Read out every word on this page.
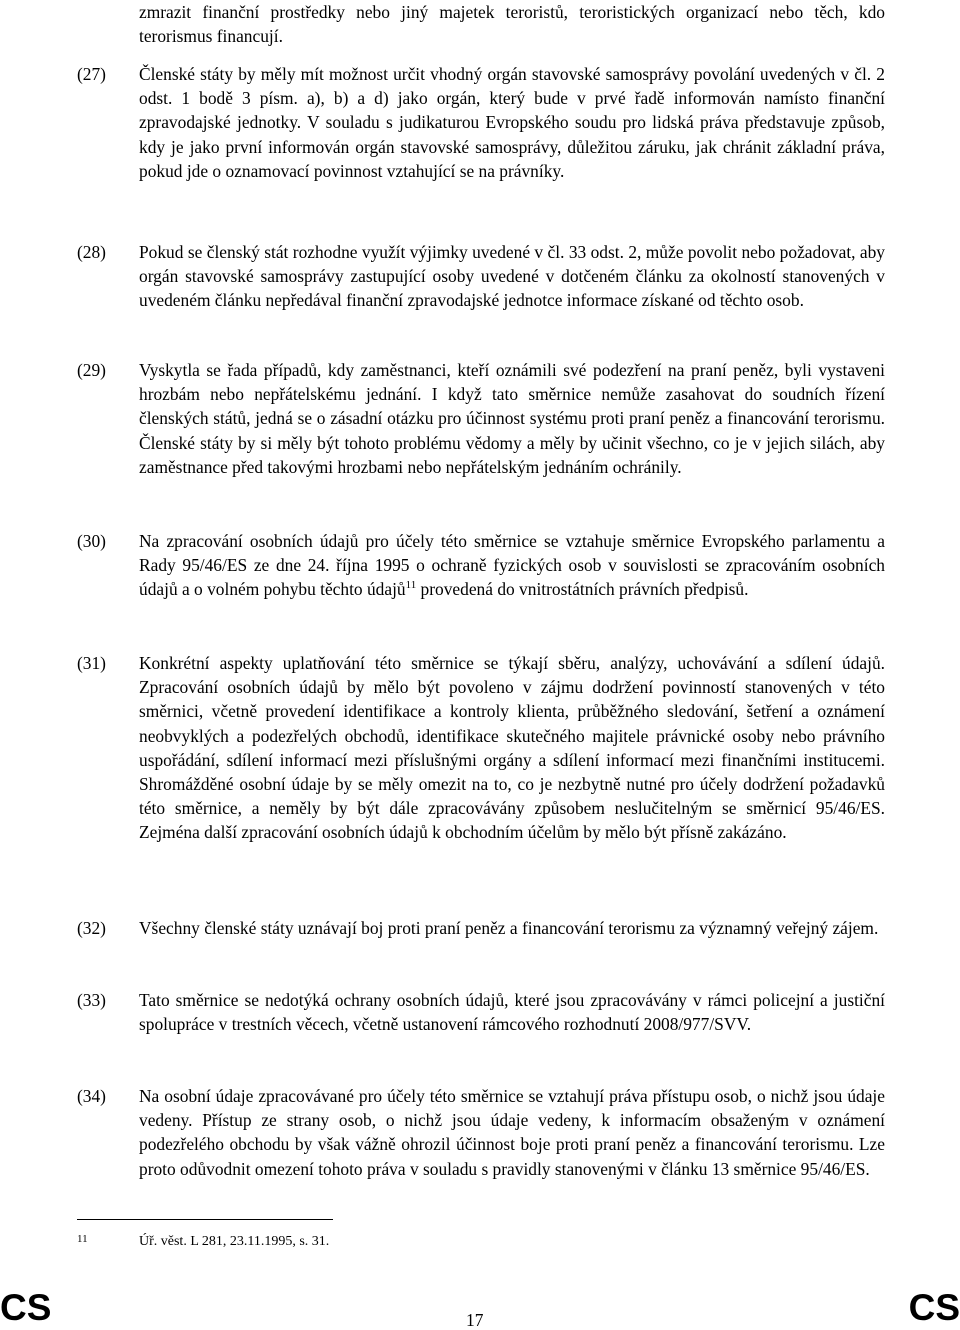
zmrazit finanční prostředky nebo jiný majetek teroristů, teroristických organizací nebo těch, kdo terorismus financují.
(27) Členské státy by měly mít možnost určit vhodný orgán stavovské samosprávy povolání uvedených v čl. 2 odst. 1 bodě 3 písm. a), b) a d) jako orgán, který bude v prvé řadě informován namísto finanční zpravodajské jednotky. V souladu s judikaturou Evropského soudu pro lidská práva představuje způsob, kdy je jako první informován orgán stavovské samosprávy, důležitou záruku, jak chránit základní práva, pokud jde o oznamovací povinnost vztahující se na právníky.
(28) Pokud se členský stát rozhodne využít výjimky uvedené v čl. 33 odst. 2, může povolit nebo požadovat, aby orgán stavovské samosprávy zastupující osoby uvedené v dotčeném článku za okolností stanovených v uvedeném článku nepředával finanční zpravodajské jednotce informace získané od těchto osob.
(29) Vyskytla se řada případů, kdy zaměstnanci, kteří oznámili své podezření na praní peněz, byli vystaveni hrozbám nebo nepřátelskému jednání. I když tato směrnice nemůže zasahovat do soudních řízení členských států, jedná se o zásadní otázku pro účinnost systému proti praní peněz a financování terorismu. Členské státy by si měly být tohoto problému vědomy a měly by učinit všechno, co je v jejich silách, aby zaměstnance před takovými hrozbami nebo nepřátelským jednáním ochránily.
(30) Na zpracování osobních údajů pro účely této směrnice se vztahuje směrnice Evropského parlamentu a Rady 95/46/ES ze dne 24. října 1995 o ochraně fyzických osob v souvislosti se zpracováním osobních údajů a o volném pohybu těchto údajů$^{11}$ provedená do vnitrostátních právních předpisů.
(31) Konkrétní aspekty uplatňování této směrnice se týkají sběru, analýzy, uchovávání a sdílení údajů. Zpracování osobních údajů by mělo být povoleno v zájmu dodržení povinností stanovených v této směrnici, včetně provedení identifikace a kontroly klienta, průběžného sledování, šetření a oznámení neobvyklých a podezřelých obchodů, identifikace skutečného majitele právnické osoby nebo právního uspořádání, sdílení informací mezi příslušnými orgány a sdílení informací mezi finančními institucemi. Shromážděné osobní údaje by se měly omezit na to, co je nezbytně nutné pro účely dodržení požadavků této směrnice, a neměly by být dále zpracovávány způsobem neslučitelným se směrnicí 95/46/ES. Zejména další zpracování osobních údajů k obchodním účelům by mělo být přísně zakázáno.
(32) Všechny členské státy uznávají boj proti praní peněz a financování terorismu za významný veřejný zájem.
(33) Tato směrnice se nedotýká ochrany osobních údajů, které jsou zpracovávány v rámci policejní a justiční spolupráce v trestních věcech, včetně ustanovení rámcového rozhodnutí 2008/977/SVV.
(34) Na osobní údaje zpracovávané pro účely této směrnice se vztahují práva přístupu osob, o nichž jsou údaje vedeny. Přístup ze strany osob, o nichž jsou údaje vedeny, k informacím obsaženým v oznámení podezřelého obchodu by však vážně ohrozil účinnost boje proti praní peněz a financování terorismu. Lze proto odůvodnit omezení tohoto práva v souladu s pravidly stanovenými v článku 13 směrnice 95/46/ES.
11	Úř. věst. L 281, 23.11.1995, s. 31.
CS	17	CS
